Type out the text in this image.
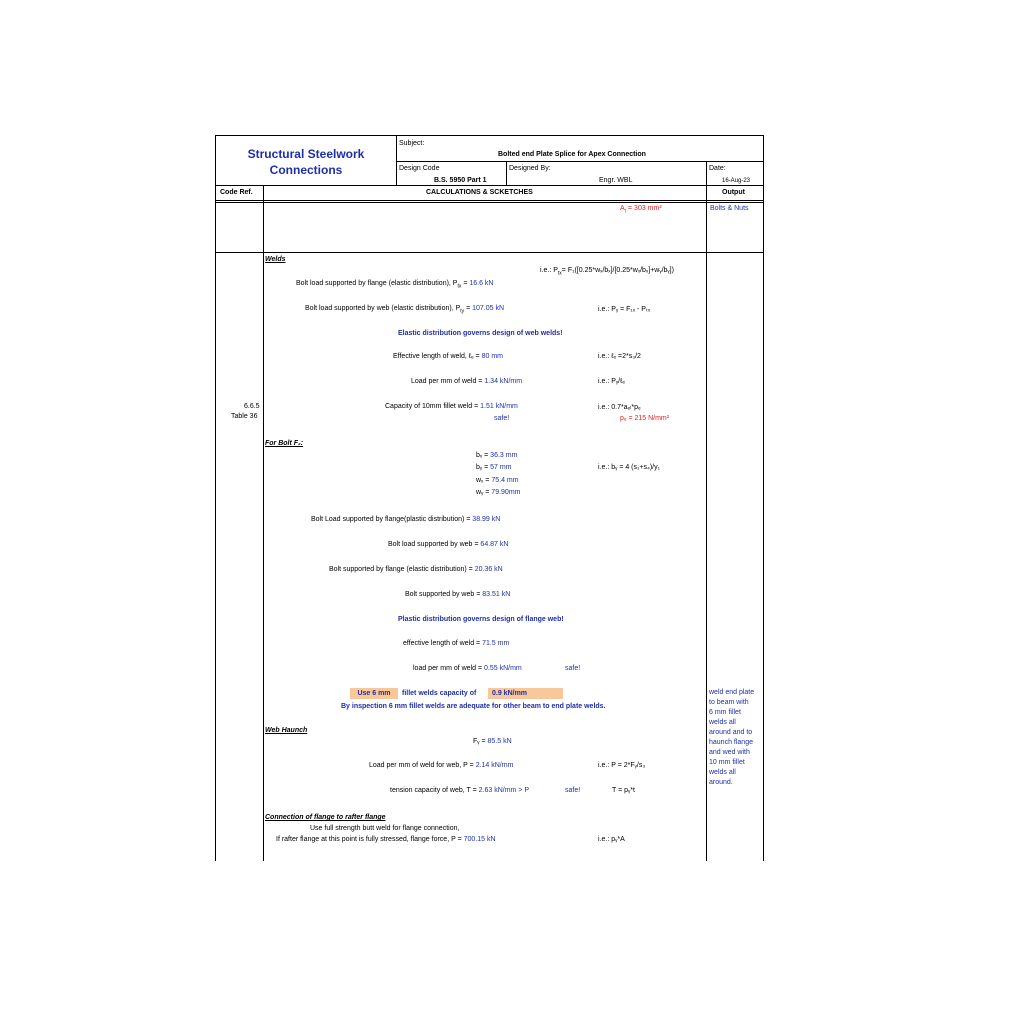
Structural Steelwork
Connections
Subject:
Bolted end Plate Splice for Apex Connection
Design Code
B.S. 5950 Part 1
Designed By:
Engr. WBL
Date:
16-Aug-23
Code Ref.	CALCULATIONS & SCKETCHES	Output
$A_t = 303$ mm²	Bolts & Nuts
Welds
i.e.: $P_{tx}=$ F₁([0.25*wₓ/bₓ]/[0.25*wₓ/bₓ]+wᵧ/bᵧ])
Bolt load supported by flange (elastic distribution), $P_{tx} = 16.6$ kN
Bolt load supported by web (elastic distribution), $P_{ty} = 107.05$ kN	i.e.: Pᵧ = F₁ₓ - Pₜₓ
Elastic distribution governs design of web welds!
Effective length of weld, ℓₑ = 80 mm	i.e.: ℓₑ =2*s₃/2
Load per mm of weld = 1.34 kN/mm	i.e.: Pᵧ/ℓₑ
6.6.5
Table 36
Capacity of 10mm fillet weld = 1.51 kN/mm	i.e.: 0.7*aₑₗ*pₑ
safe!	pₑ = 215 N/mm²
For Bolt F₂:
bₓ = 36.3 mm
bᵧ = 57 mm	i.e.: bᵧ = 4 (s₁+s₄)/y₁
wₓ = 75.4 mm
wᵧ = 79.90mm
Bolt Load supported by flange(plastic distribution) = 38.99 kN
Bolt load supported by web = 64.87 kN
Bolt supported by flange (elastic distribution) = 20.36 kN
Bolt supported by web = 83.51 kN
Plastic distribution governs design of flange web!
effective length of weld = 71.5 mm
load per mm of weld = 0.55 kN/mm	safe!
Use 6 mm	fillet welds capacity of	0.9 kN/mm
By inspection 6 mm fillet welds are adequate for other beam to end plate welds.
Web Haunch
Fᵧ = 85.5 kN
Load per mm of weld for web, P = 2.14 kN/mm	i.e.: P = 2*Fᵧ/s₃
tension capacity of web, T = 2.63 kN/mm > P	safe!	T = pᵧ*t
Connection of flange to rafter flange
Use full strength butt weld for flange connection,
If rafter flange at this point is fully stressed, flange force, P = 700.15 kN	i.e.: pᵧ*A
weld end plate
to beam with
6 mm fillet
welds all
around and to
haunch flange
and wed with
10 mm fillet
welds all
around.
